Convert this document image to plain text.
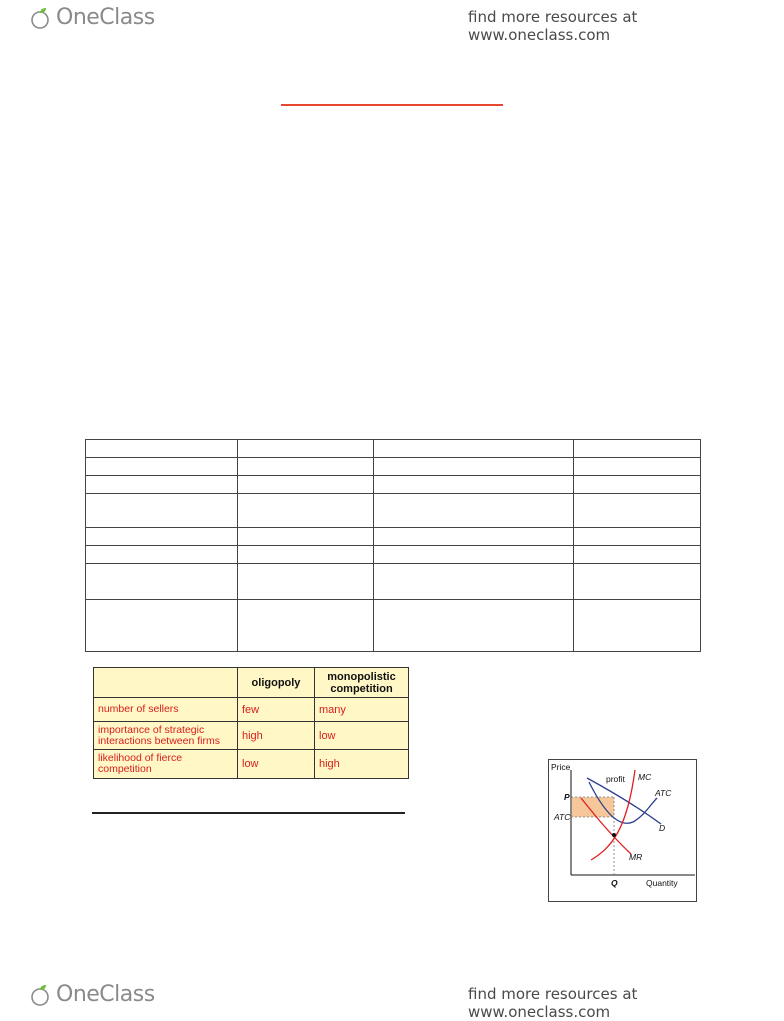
OneClass	find more resources at www.oneclass.com

	oligopoly	monopolistic competition
number of sellers	few	many
importance of strategic interactions between firms	high	low
likelihood of fierce competition	low	high	Price
Quantity
profit MC
ATC
D
MR
P
ATC
Q
OneClass	find more resources at www.oneclass.com
